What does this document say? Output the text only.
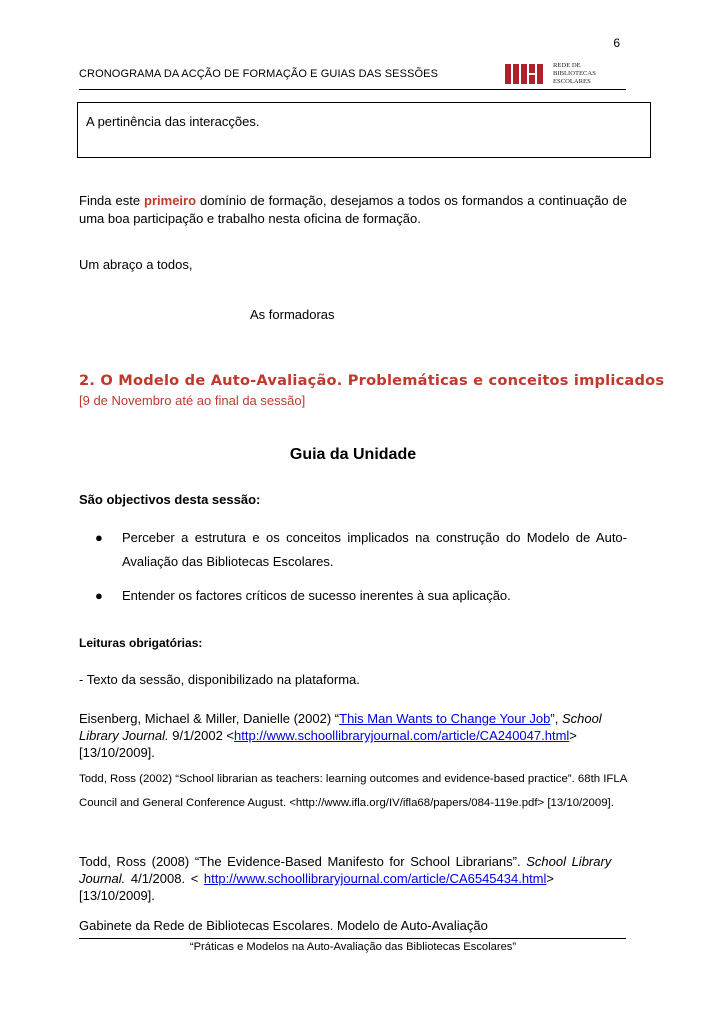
6
CRONOGRAMA DA ACÇÃO DE FORMAÇÃO E GUIAS DAS SESSÕES
REDE DE
BIBLIOTECAS
ESCOLARES
A pertinência das interacções.
Finda este primeiro domínio de formação, desejamos a todos os formandos a continuação de uma boa participação e trabalho nesta oficina de formação.
Um abraço a todos,
As formadoras
2. O Modelo de Auto-Avaliação. Problemáticas e conceitos implicados
[9 de Novembro até ao final da sessão]
Guia da Unidade
São objectivos desta sessão:
● Perceber a estrutura e os conceitos implicados na construção do Modelo de Auto-Avaliação das Bibliotecas Escolares.
● Entender os factores críticos de sucesso inerentes à sua aplicação.
Leituras obrigatórias:
- Texto da sessão, disponibilizado na plataforma.
Eisenberg, Michael & Miller, Danielle (2002) “This Man Wants to Change Your Job”, School Library Journal. 9/1/2002 <http://www.schoollibraryjournal.com/article/CA240047.html> [13/10/2009].
Todd, Ross (2002) “School librarian as teachers: learning outcomes and evidence-based practice”. 68th IFLA Council and General Conference August. <http://www.ifla.org/IV/ifla68/papers/084-119e.pdf> [13/10/2009].
Todd, Ross (2008) “The Evidence-Based Manifesto for School Librarians”. School Library Journal. 4/1/2008. < http://www.schoollibraryjournal.com/article/CA6545434.html> [13/10/2009].
Gabinete da Rede de Bibliotecas Escolares. Modelo de Auto-Avaliação
“Práticas e Modelos na Auto-Avaliação das Bibliotecas Escolares”
